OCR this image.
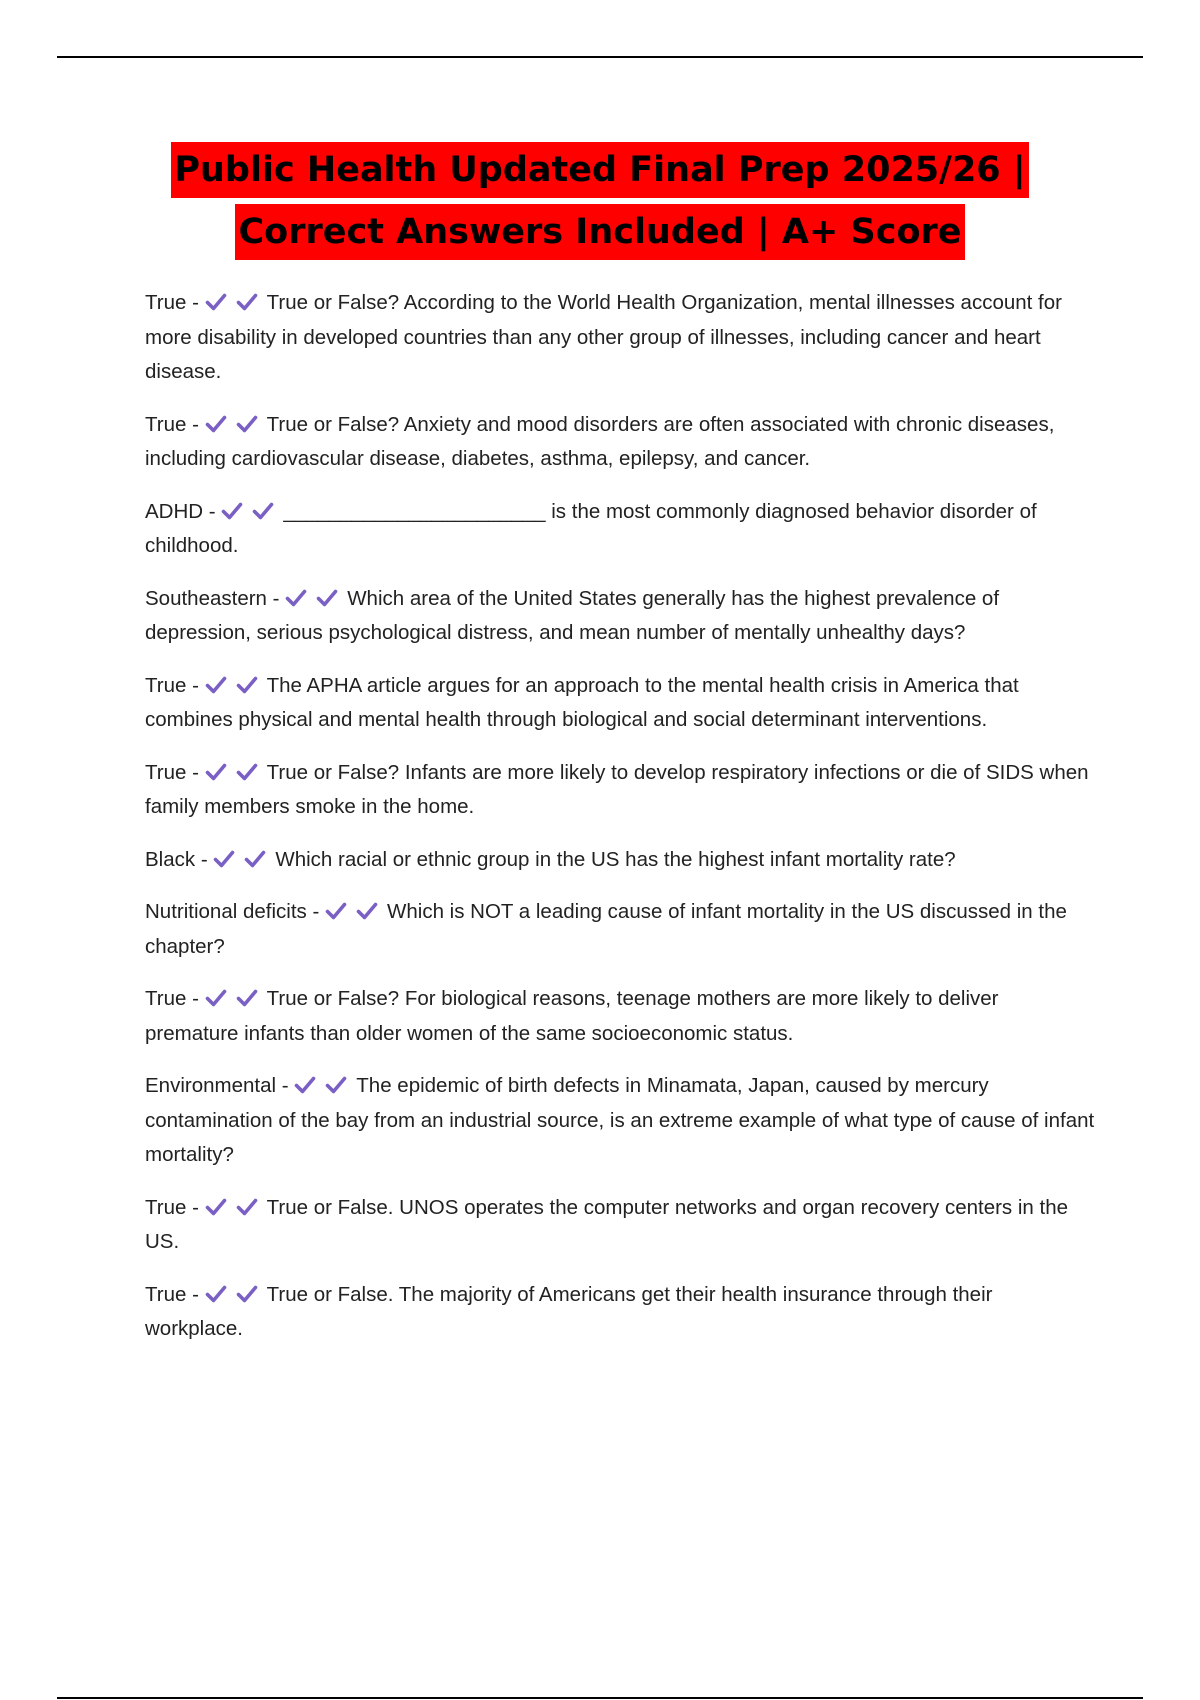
Public Health Updated Final Prep 2025/26 |
Correct Answers Included | A+ Score

True -	True or False? According to the World Health Organization, mental illnesses account for more disability in developed countries than any other group of illnesses, including cancer and heart disease.

True -	True or False? Anxiety and mood disorders are often associated with chronic diseases, including cardiovascular disease, diabetes, asthma, epilepsy, and cancer.

ADHD -	_______________________ is the most commonly diagnosed behavior disorder of childhood.

Southeastern -	Which area of the United States generally has the highest prevalence of depression, serious psychological distress, and mean number of mentally unhealthy days?

True -	The APHA article argues for an approach to the mental health crisis in America that combines physical and mental health through biological and social determinant interventions.

True -	True or False? Infants are more likely to develop respiratory infections or die of SIDS when family members smoke in the home.

Black -	Which racial or ethnic group in the US has the highest infant mortality rate?

Nutritional deficits -	Which is NOT a leading cause of infant mortality in the US discussed in the chapter?

True -	True or False? For biological reasons, teenage mothers are more likely to deliver premature infants than older women of the same socioeconomic status.

Environmental -	The epidemic of birth defects in Minamata, Japan, caused by mercury contamination of the bay from an industrial source, is an extreme example of what type of cause of infant mortality?

True -	True or False. UNOS operates the computer networks and organ recovery centers in the US.

True -	True or False. The majority of Americans get their health insurance through their workplace.
